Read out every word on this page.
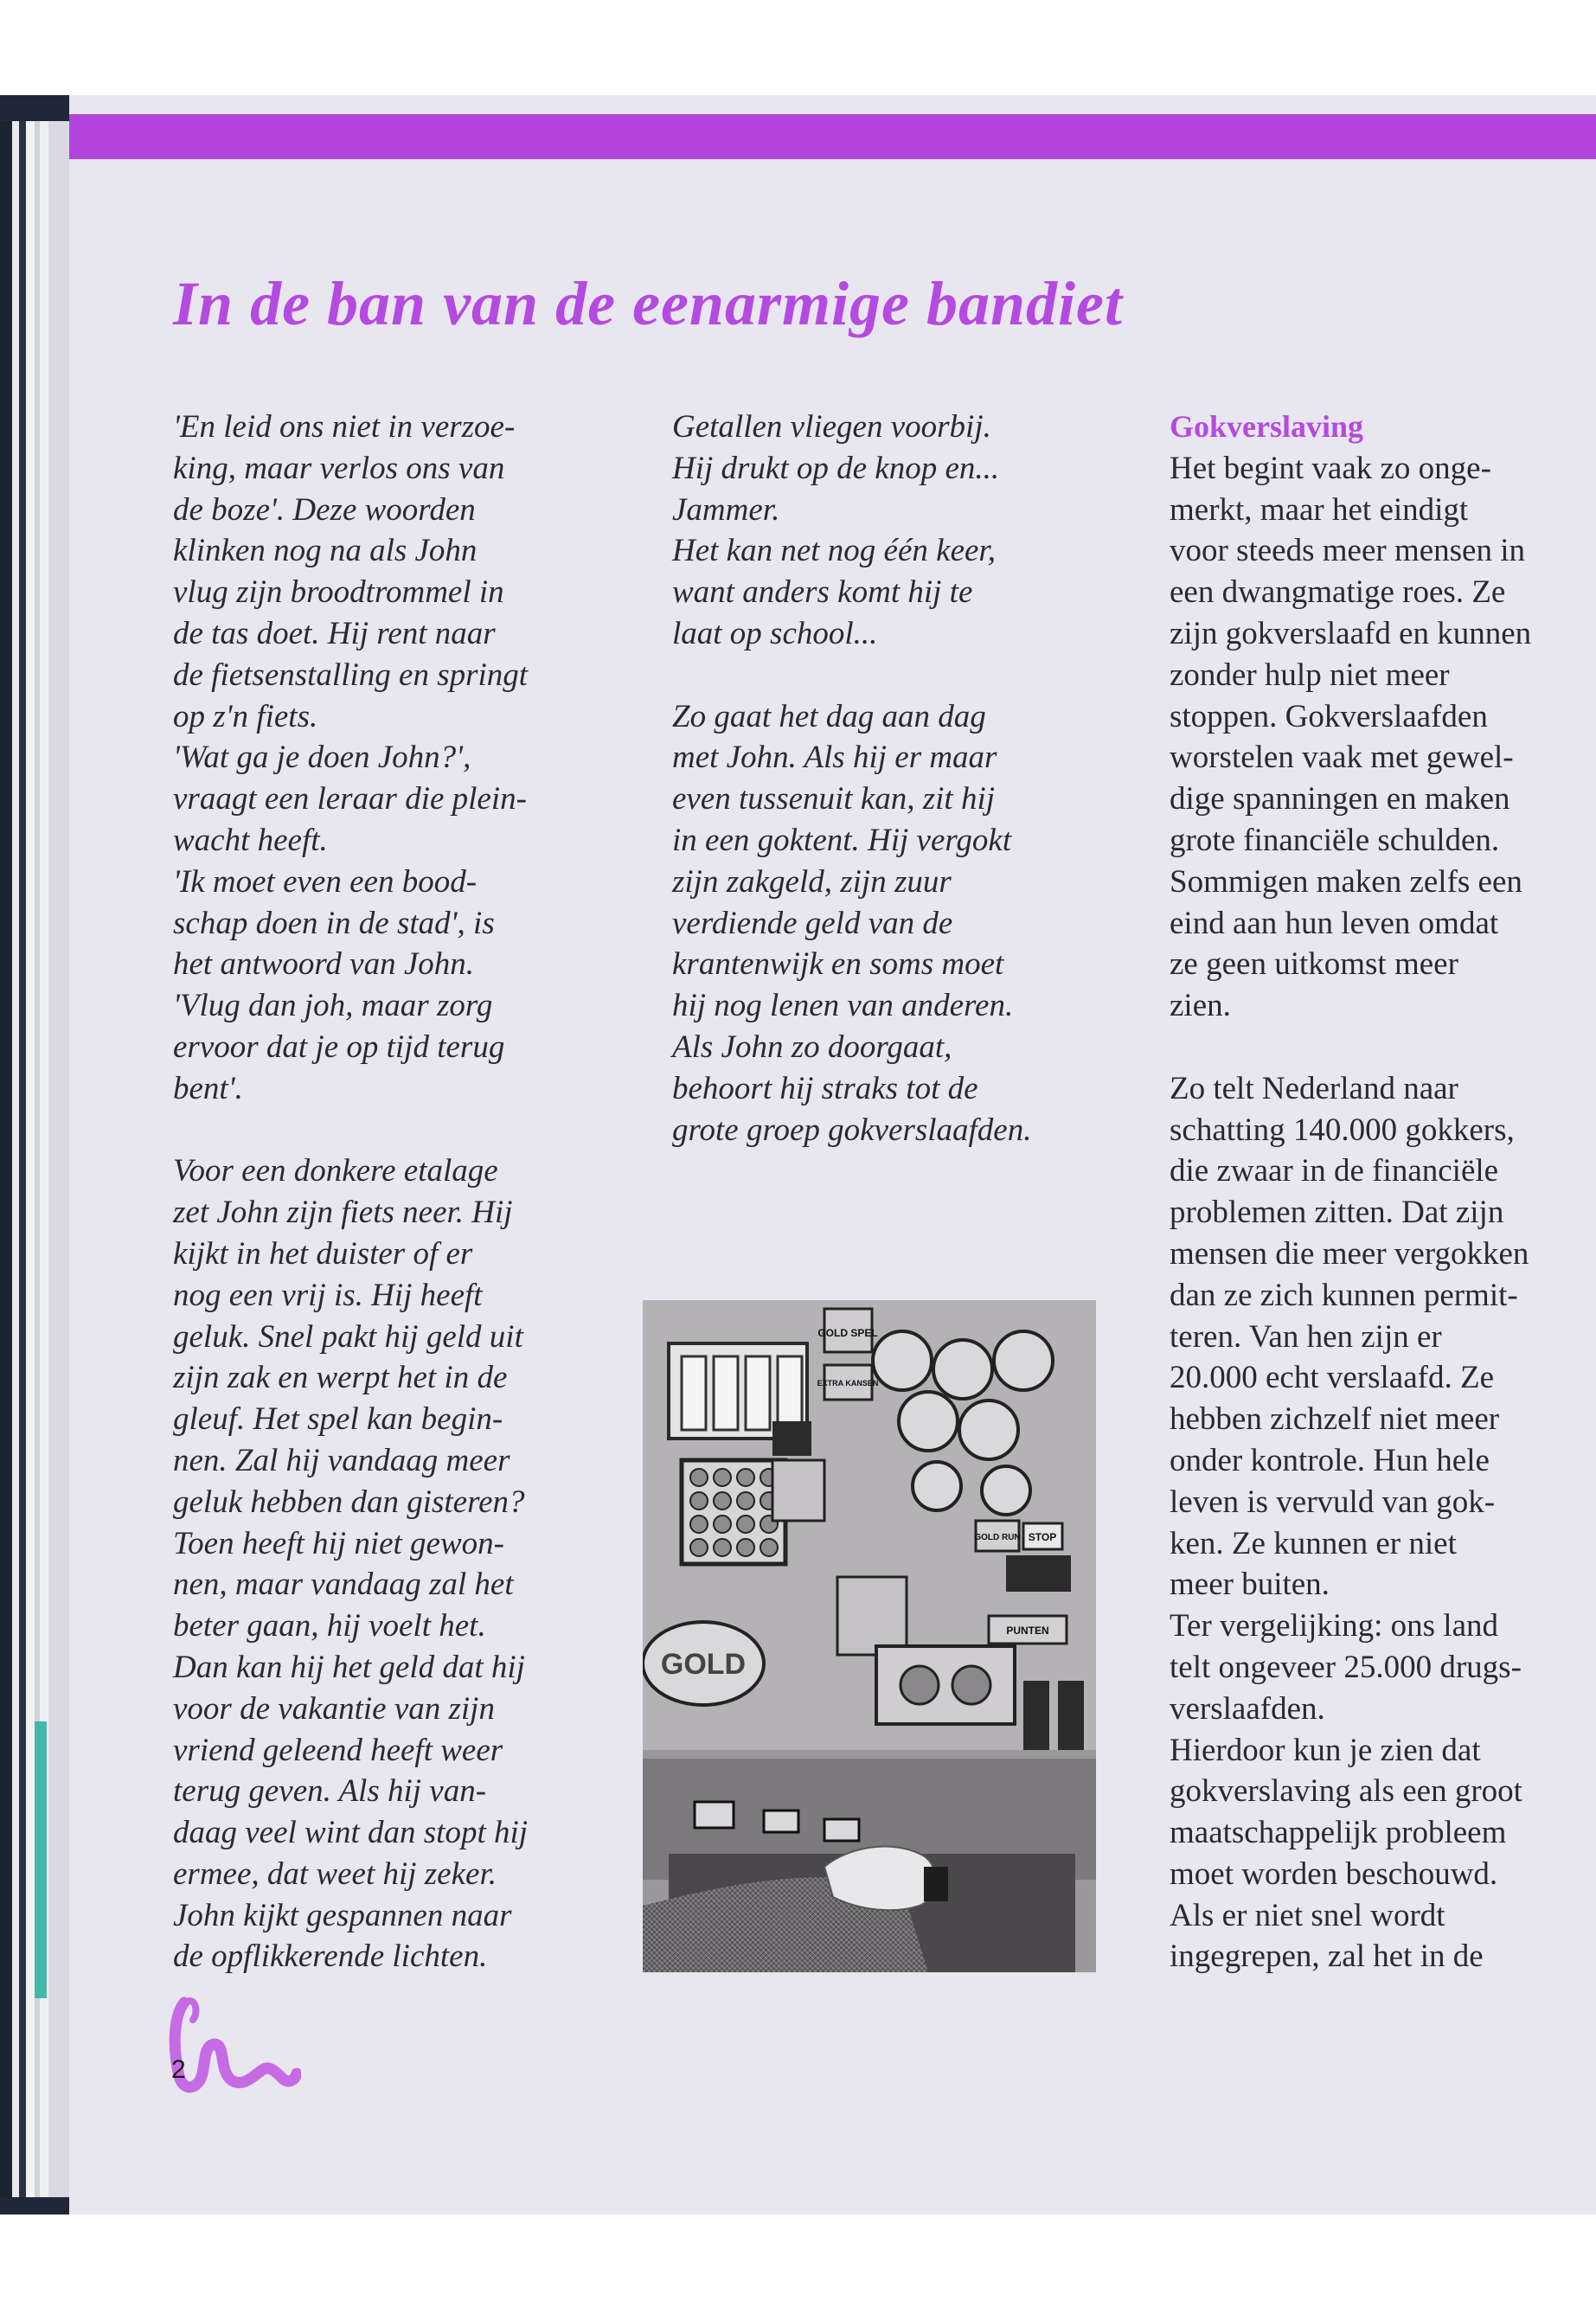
In de ban van de eenarmige bandiet

'En leid ons niet in verzoe-

king, maar verlos ons van

de boze'. Deze woorden

klinken nog na als John

vlug zijn broodtrommel in

de tas doet. Hij rent naar

de fietsenstalling en springt

op z'n fiets.

'Wat ga je doen John?',

vraagt een leraar die plein-

wacht heeft.

'Ik moet even een bood-

schap doen in de stad', is

het antwoord van John.

'Vlug dan joh, maar zorg

ervoor dat je op tijd terug

bent'.

Voor een donkere etalage

zet John zijn fiets neer. Hij

kijkt in het duister of er

nog een vrij is. Hij heeft

geluk. Snel pakt hij geld uit

zijn zak en werpt het in de

gleuf. Het spel kan begin-

nen. Zal hij vandaag meer

geluk hebben dan gisteren?

Toen heeft hij niet gewon-

nen, maar vandaag zal het

beter gaan, hij voelt het.

Dan kan hij het geld dat hij

voor de vakantie van zijn

vriend geleend heeft weer

terug geven. Als hij van-

daag veel wint dan stopt hij

ermee, dat weet hij zeker.

John kijkt gespannen naar

de opflikkerende lichten.

Getallen vliegen voorbij.

Hij drukt op de knop en...

Jammer.

Het kan net nog één keer,

want anders komt hij te

laat op school...

Zo gaat het dag aan dag

met John. Als hij er maar

even tussenuit kan, zit hij

in een goktent. Hij vergokt

zijn zakgeld, zijn zuur

verdiende geld van de

krantenwijk en soms moet

hij nog lenen van anderen.

Als John zo doorgaat,

behoort hij straks tot de

grote groep gokverslaafden.

Gokverslaving

Het begint vaak zo onge-

merkt, maar het eindigt

voor steeds meer mensen in

een dwangmatige roes. Ze

zijn gokverslaafd en kunnen

zonder hulp niet meer

stoppen. Gokverslaafden

worstelen vaak met gewel-

dige spanningen en maken

grote financiële schulden.

Sommigen maken zelfs een

eind aan hun leven omdat

ze geen uitkomst meer

zien.

Zo telt Nederland naar

schatting 140.000 gokkers,

die zwaar in de financiële

problemen zitten. Dat zijn

mensen die meer vergokken

dan ze zich kunnen permit-

teren. Van hen zijn er

20.000 echt verslaafd. Ze

hebben zichzelf niet meer

onder kontrole. Hun hele

leven is vervuld van gok-

ken. Ze kunnen er niet

meer buiten.

Ter vergelijking: ons land

telt ongeveer 25.000 drugs-

verslaafden.

Hierdoor kun je zien dat

gokverslaving als een groot

maatschappelijk probleem

moet worden beschouwd.

Als er niet snel wordt

ingegrepen, zal het in de

GOLD SPEL
EXTRA KANSEN
GOLD RUN STOP
PUNTEN
GOLD
2
